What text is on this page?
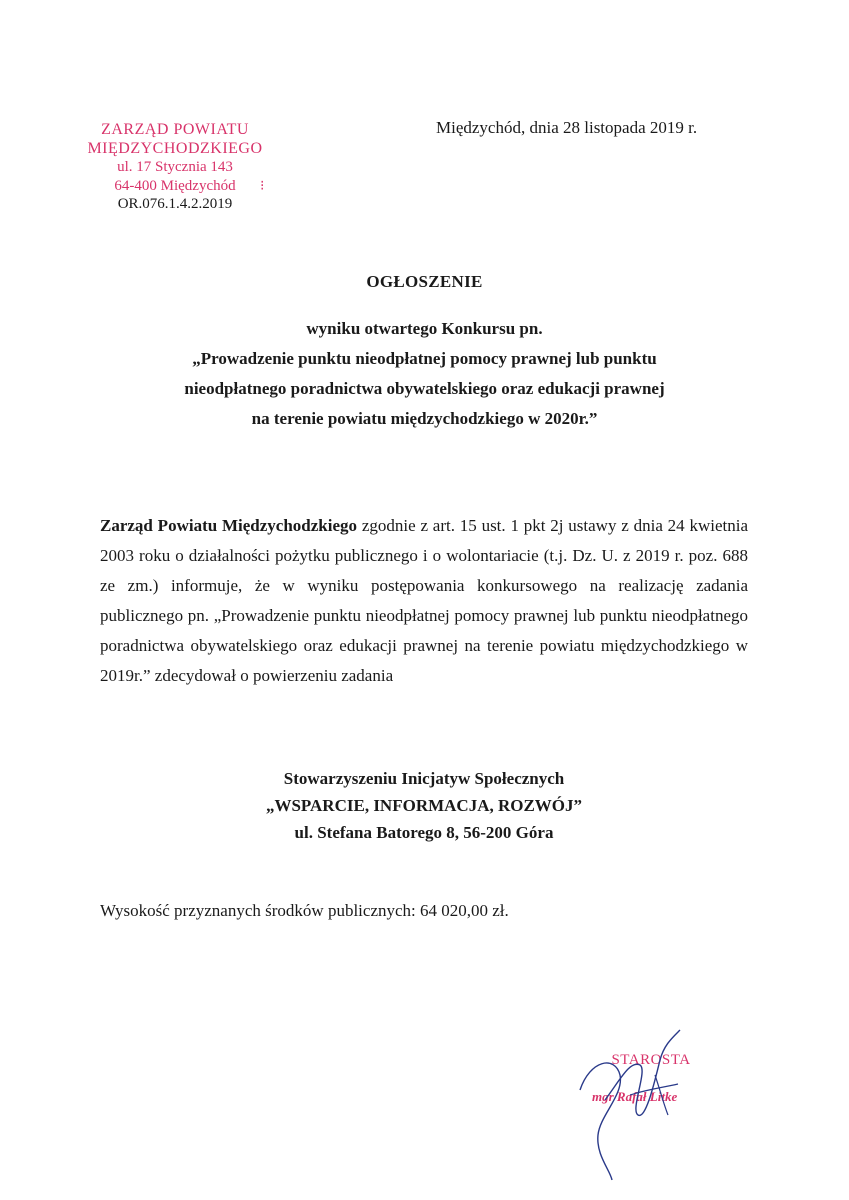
ZARZĄD POWIATU
MIĘDZYCHODZKIEGO
ul. 17 Stycznia 143
64-400 Międzychód	⁝
OR.076.1.4.2.2019
Międzychód, dnia 28 listopada 2019 r.
OGŁOSZENIE
wyniku otwartego Konkursu pn.
„Prowadzenie punktu nieodpłatnej pomocy prawnej lub punktu
nieodpłatnego poradnictwa obywatelskiego oraz edukacji prawnej
na terenie powiatu międzychodzkiego w 2020r.”
Zarząd Powiatu Międzychodzkiego zgodnie z art. 15 ust. 1 pkt 2j ustawy z dnia 24 kwietnia 2003 roku o działalności pożytku publicznego i o wolontariacie (t.j. Dz. U. z 2019 r. poz. 688 ze zm.) informuje, że w wyniku postępowania konkursowego na realizację zadania publicznego pn. „Prowadzenie punktu nieodpłatnej pomocy prawnej lub punktu nieodpłatnego poradnictwa obywatelskiego oraz edukacji prawnej na terenie powiatu międzychodzkiego w 2019r.” zdecydował o powierzeniu zadania
Stowarzyszeniu Inicjatyw Społecznych
„WSPARCIE, INFORMACJA, ROZWÓJ”
ul. Stefana Batorego 8, 56-200 Góra
Wysokość przyznanych środków publicznych: 64 020,00 zł.
STAROSTA
mgr Rafał Litke
